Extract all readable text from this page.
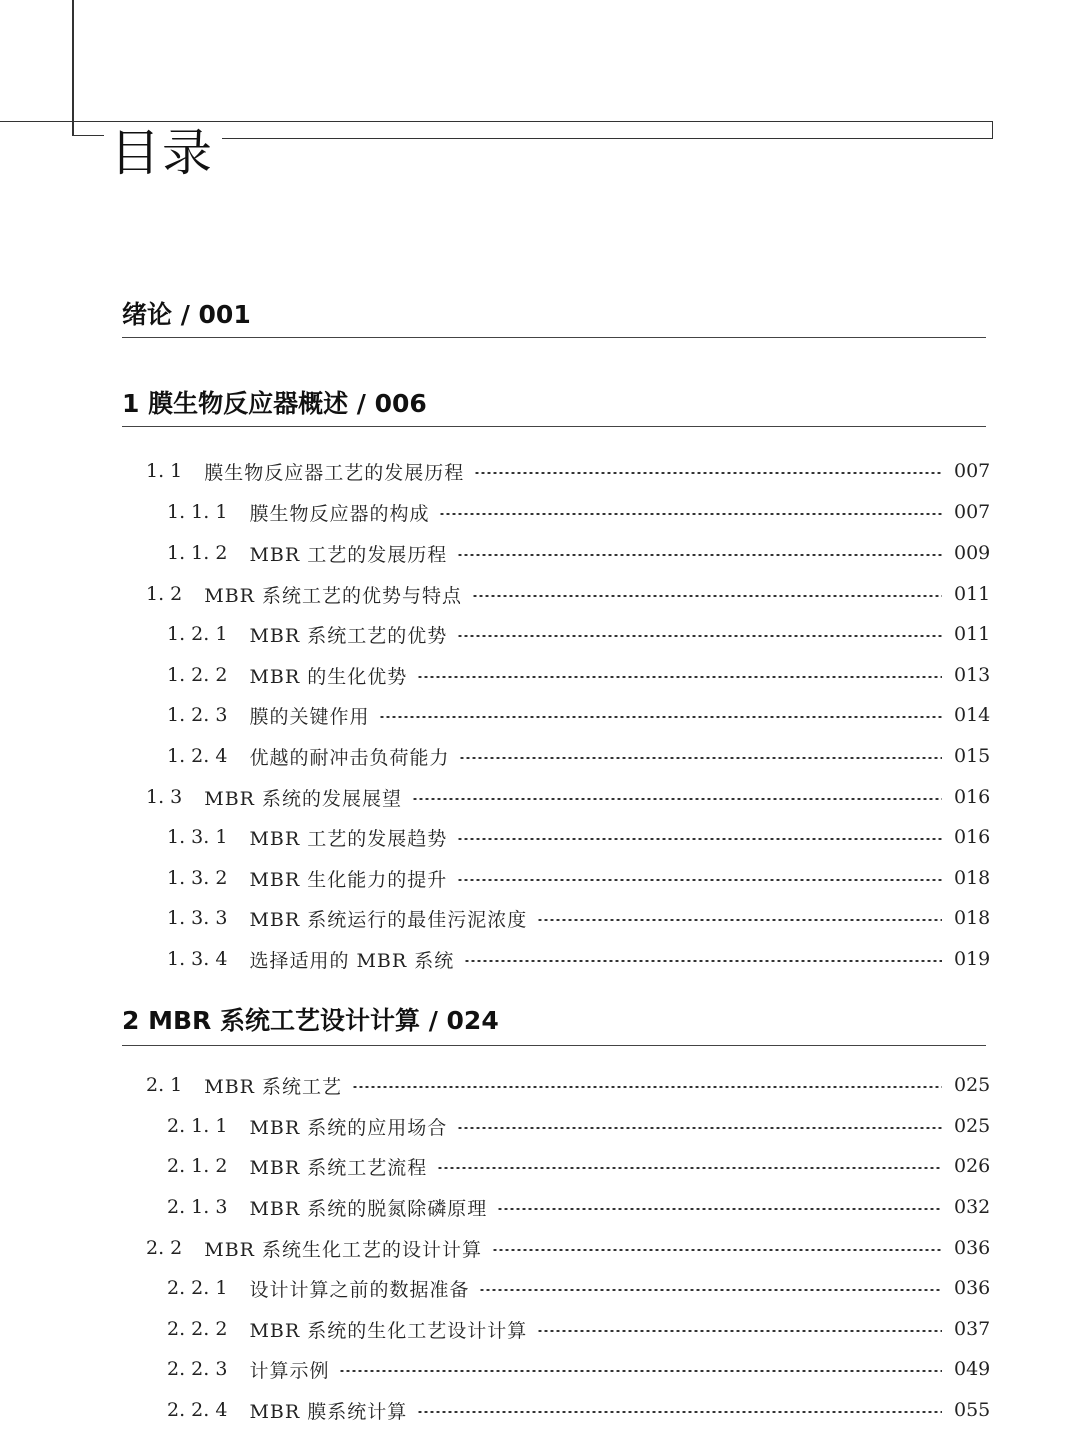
目录
绪论 / 001
1 膜生物反应器概述 / 006
1. 1 膜生物反应器工艺的发展历程	007
1. 1. 1 膜生物反应器的构成	007
1. 1. 2 MBR 工艺的发展历程	009
1. 2 MBR 系统工艺的优势与特点	011
1. 2. 1 MBR 系统工艺的优势	011
1. 2. 2 MBR 的生化优势	013
1. 2. 3 膜的关键作用	014
1. 2. 4 优越的耐冲击负荷能力	015
1. 3 MBR 系统的发展展望	016
1. 3. 1 MBR 工艺的发展趋势	016
1. 3. 2 MBR 生化能力的提升	018
1. 3. 3 MBR 系统运行的最佳污泥浓度	018
1. 3. 4 选择适用的 MBR 系统	019
2 MBR 系统工艺设计计算 / 024
2. 1 MBR 系统工艺	025
2. 1. 1 MBR 系统的应用场合	025
2. 1. 2 MBR 系统工艺流程	026
2. 1. 3 MBR 系统的脱氮除磷原理	032
2. 2 MBR 系统生化工艺的设计计算	036
2. 2. 1 设计计算之前的数据准备	036
2. 2. 2 MBR 系统的生化工艺设计计算	037
2. 2. 3 计算示例	049
2. 2. 4 MBR 膜系统计算	055
